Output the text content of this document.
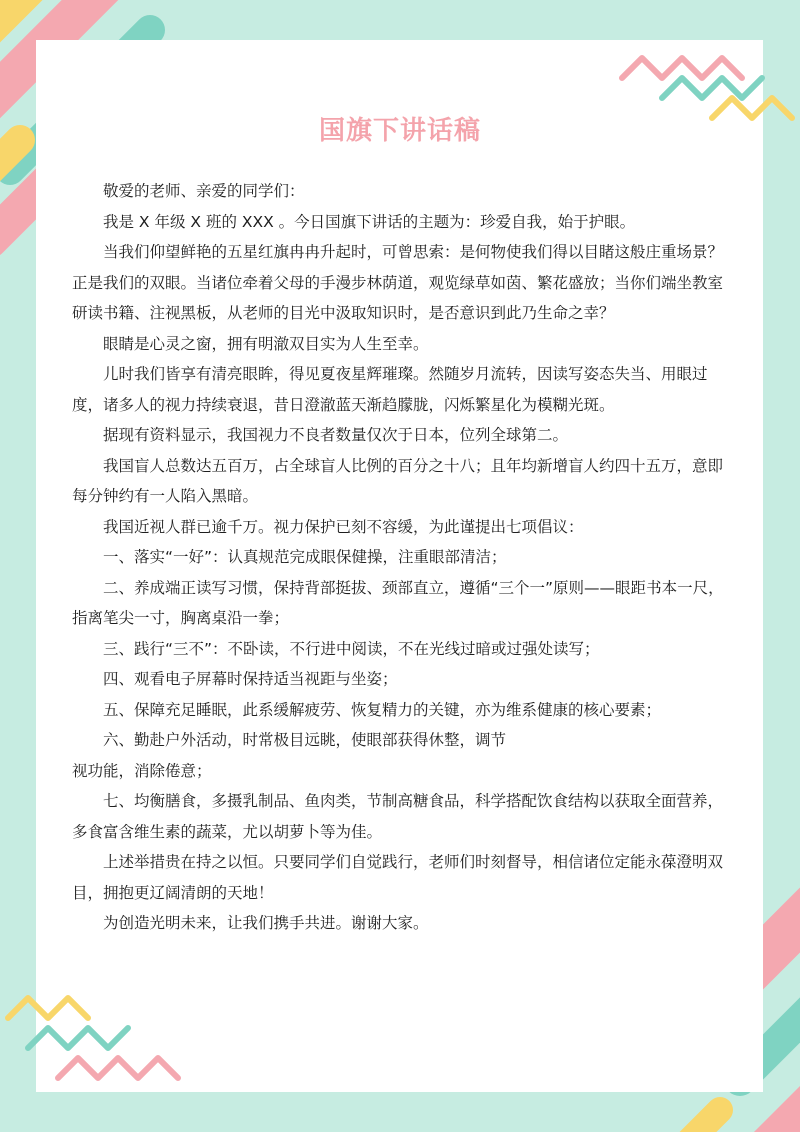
国旗下讲话稿

敬爱的老师、亲爱的同学们：

我是 X 年级 X 班的 XXX 。今日国旗下讲话的主题为：珍爱自我，始于护眼。

当我们仰望鲜艳的五星红旗冉冉升起时，可曾思索：是何物使我们得以目睹这般庄重场景？正是我们的双眼。当诸位牵着父母的手漫步林荫道，观览绿草如茵、繁花盛放；当你们端坐教室研读书籍、注视黑板，从老师的目光中汲取知识时，是否意识到此乃生命之幸？

眼睛是心灵之窗，拥有明澈双目实为人生至幸。

儿时我们皆享有清亮眼眸，得见夏夜星辉璀璨。然随岁月流转，因读写姿态失当、用眼过度，诸多人的视力持续衰退，昔日澄澈蓝天渐趋朦胧，闪烁繁星化为模糊光斑。

据现有资料显示，我国视力不良者数量仅次于日本，位列全球第二。

我国盲人总数达五百万，占全球盲人比例的百分之十八；且年均新增盲人约四十五万，意即每分钟约有一人陷入黑暗。

我国近视人群已逾千万。视力保护已刻不容缓，为此谨提出七项倡议：

一、落实“一好”：认真规范完成眼保健操，注重眼部清洁；

二、养成端正读写习惯，保持背部挺拔、颈部直立，遵循“三个一”原则——眼距书本一尺，指离笔尖一寸，胸离桌沿一拳；

三、践行“三不”：不卧读，不行进中阅读，不在光线过暗或过强处读写；

四、观看电子屏幕时保持适当视距与坐姿；

五、保障充足睡眠，此系缓解疲劳、恢复精力的关键，亦为维系健康的核心要素；

六、勤赴户外活动，时常极目远眺，使眼部获得休整，调节

视功能，消除倦意；

七、均衡膳食，多摄乳制品、鱼肉类，节制高糖食品，科学搭配饮食结构以获取全面营养，多食富含维生素的蔬菜，尤以胡萝卜等为佳。

上述举措贵在持之以恒。只要同学们自觉践行，老师们时刻督导，相信诸位定能永葆澄明双目，拥抱更辽阔清朗的天地！

为创造光明未来，让我们携手共进。谢谢大家。
